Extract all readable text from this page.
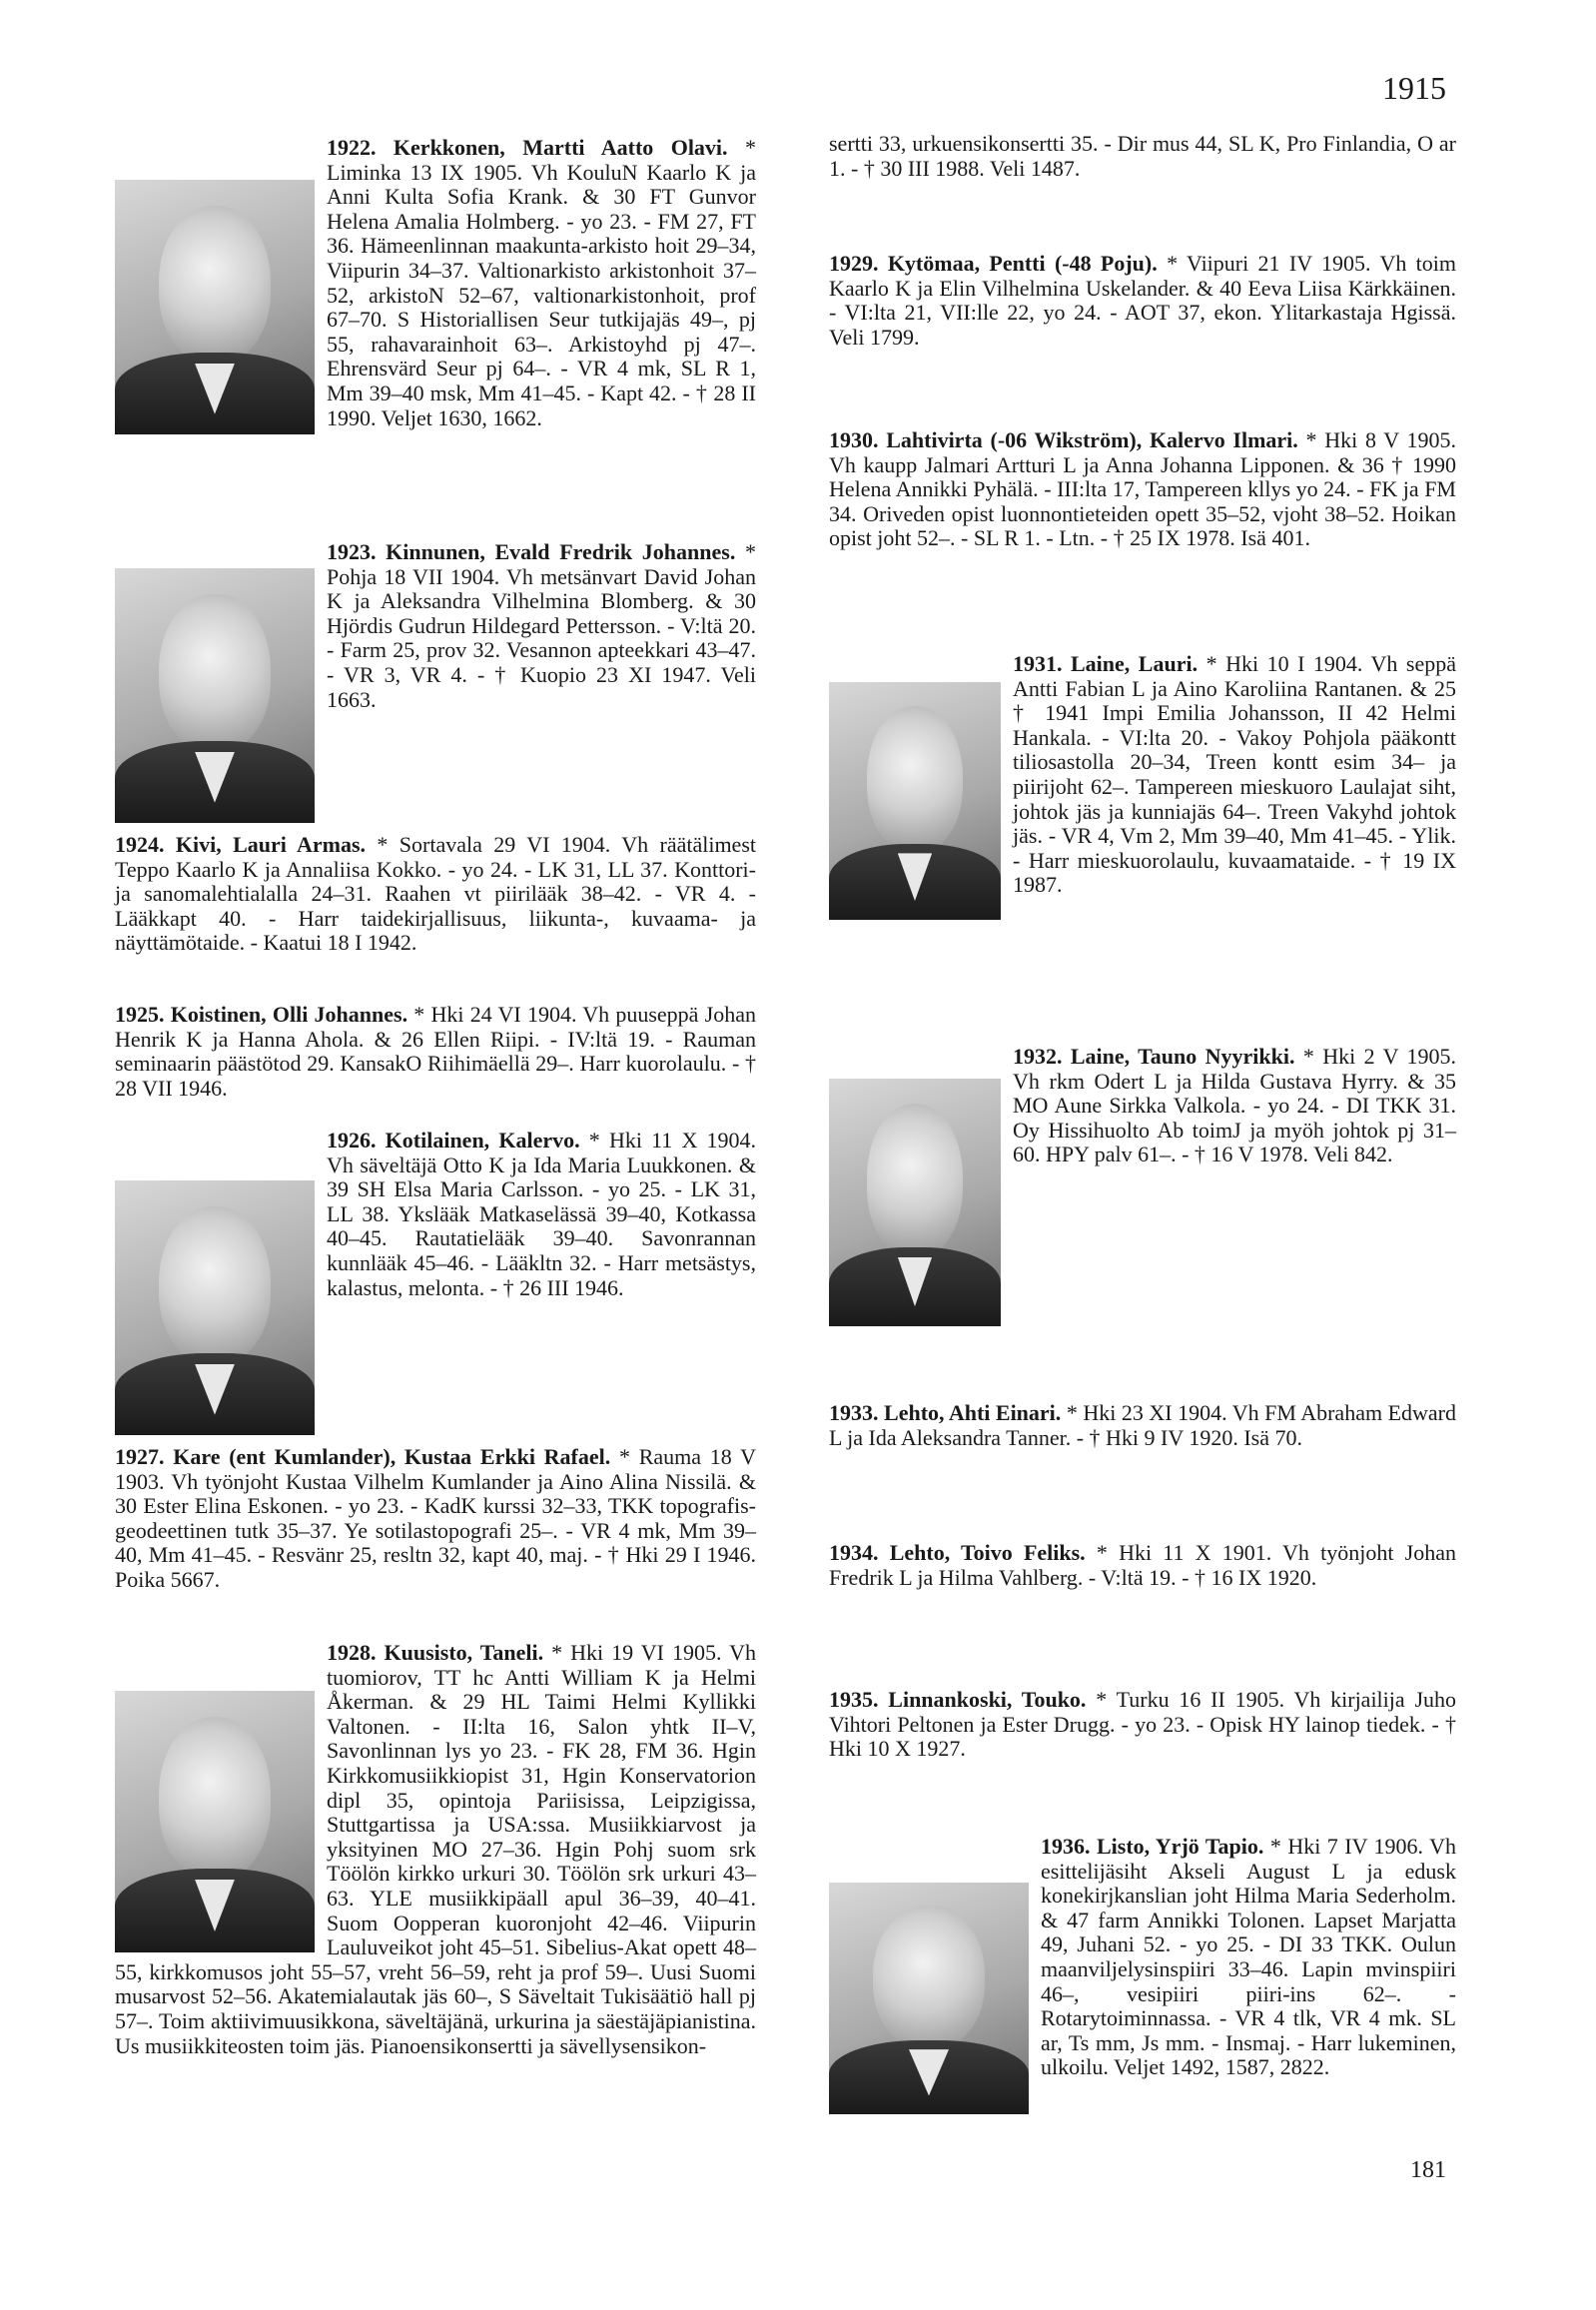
1915
1922. Kerkkonen, Martti Aatto Olavi. * Liminka 13 IX 1905. Vh KouluN Kaarlo K ja Anni Kulta Sofia Krank. & 30 FT Gunvor Helena Amalia Holmberg. - yo 23. - FM 27, FT 36. Hämeenlinnan maakunta-arkisto hoit 29–34, Viipurin 34–37. Valtionarkisto arkistonhoit 37–52, arkistoN 52–67, valtionarkistonhoit, prof 67–70. S Historiallisen Seur tutkijajäs 49–, pj 55, rahavarainhoit 63–. Arkistoyhd pj 47–. Ehrensvärd Seur pj 64–. - VR 4 mk, SL R 1, Mm 39–40 msk, Mm 41–45. - Kapt 42. - † 28 II 1990. Veljet 1630, 1662.
1923. Kinnunen, Evald Fredrik Johannes. * Pohja 18 VII 1904. Vh metsänvart David Johan K ja Aleksandra Vilhelmina Blomberg. & 30 Hjördis Gudrun Hildegard Pettersson. - V:ltä 20. - Farm 25, prov 32. Vesannon apteekkari 43–47. - VR 3, VR 4. - † Kuopio 23 XI 1947. Veli 1663.
1924. Kivi, Lauri Armas. * Sortavala 29 VI 1904. Vh räätälimest Teppo Kaarlo K ja Annaliisa Kokko. - yo 24. - LK 31, LL 37. Konttori- ja sanomalehtialalla 24–31. Raahen vt piirilääk 38–42. - VR 4. - Lääkkapt 40. - Harr taidekirjallisuus, liikunta-, kuvaama- ja näyttämötaide. - Kaatui 18 I 1942.
1925. Koistinen, Olli Johannes. * Hki 24 VI 1904. Vh puuseppä Johan Henrik K ja Hanna Ahola. & 26 Ellen Riipi. - IV:ltä 19. - Rauman seminaarin päästötod 29. KansakO Riihimäellä 29–. Harr kuorolaulu. - † 28 VII 1946.
1926. Kotilainen, Kalervo. * Hki 11 X 1904. Vh säveltäjä Otto K ja Ida Maria Luukkonen. & 39 SH Elsa Maria Carlsson. - yo 25. - LK 31, LL 38. Ykslääk Matkaselässä 39–40, Kotkassa 40–45. Rautatielääk 39–40. Savonrannan kunnlääk 45–46. - Lääkltn 32. - Harr metsästys, kalastus, melonta. - † 26 III 1946.
1927. Kare (ent Kumlander), Kustaa Erkki Rafael. * Rauma 18 V 1903. Vh työnjoht Kustaa Vilhelm Kumlander ja Aino Alina Nissilä. & 30 Ester Elina Eskonen. - yo 23. - KadK kurssi 32–33, TKK topografis-geodeettinen tutk 35–37. Ye sotilastopografi 25–. - VR 4 mk, Mm 39–40, Mm 41–45. - Resvänr 25, resltn 32, kapt 40, maj. - † Hki 29 I 1946. Poika 5667.
1928. Kuusisto, Taneli. * Hki 19 VI 1905. Vh tuomiorov, TT hc Antti William K ja Helmi Åkerman. & 29 HL Taimi Helmi Kyllikki Valtonen. - II:lta 16, Salon yhtk II–V, Savonlinnan lys yo 23. - FK 28, FM 36. Hgin Kirkkomusiikkiopist 31, Hgin Konservatorion dipl 35, opintoja Pariisissa, Leipzigissa, Stuttgartissa ja USA:ssa. Musiikkiarvost ja yksityinen MO 27–36. Hgin Pohj suom srk Töölön kirkko urkuri 30. Töölön srk urkuri 43–63. YLE musiikkipäall apul 36–39, 40–41. Suom Oopperan kuoronjoht 42–46. Viipurin Lauluveikot joht 45–51. Sibelius-Akat opett 48–55, kirkkomusos joht 55–57, vreht 56–59, reht ja prof 59–. Uusi Suomi musarvost 52–56. Akatemialautak jäs 60–, S Säveltait Tukisäätiö hall pj 57–. Toim aktiivimuusikkona, säveltäjänä, urkurina ja säestäjäpianistina. Us musiikkiteosten toim jäs. Pianoensikonsertti ja sävellysensikon-
sertti 33, urkuensikonsertti 35. - Dir mus 44, SL K, Pro Finlandia, O ar 1. - † 30 III 1988. Veli 1487.
1929. Kytömaa, Pentti (-48 Poju). * Viipuri 21 IV 1905. Vh toim Kaarlo K ja Elin Vilhelmina Uskelander. & 40 Eeva Liisa Kärkkäinen. - VI:lta 21, VII:lle 22, yo 24. - AOT 37, ekon. Ylitarkastaja Hgissä. Veli 1799.
1930. Lahtivirta (-06 Wikström), Kalervo Ilmari. * Hki 8 V 1905. Vh kaupp Jalmari Artturi L ja Anna Johanna Lipponen. & 36 † 1990 Helena Annikki Pyhälä. - III:lta 17, Tampereen kllys yo 24. - FK ja FM 34. Oriveden opist luonnontieteiden opett 35–52, vjoht 38–52. Hoikan opist joht 52–. - SL R 1. - Ltn. - † 25 IX 1978. Isä 401.
1931. Laine, Lauri. * Hki 10 I 1904. Vh seppä Antti Fabian L ja Aino Karoliina Rantanen. & 25 † 1941 Impi Emilia Johansson, II 42 Helmi Hankala. - VI:lta 20. - Vakoy Pohjola pääkontt tiliosastolla 20–34, Treen kontt esim 34– ja piirijoht 62–. Tampereen mieskuoro Laulajat siht, johtok jäs ja kunniajäs 64–. Treen Vakyhd johtok jäs. - VR 4, Vm 2, Mm 39–40, Mm 41–45. - Ylik. - Harr mieskuorolaulu, kuvaamataide. - † 19 IX 1987.
1932. Laine, Tauno Nyyrikki. * Hki 2 V 1905. Vh rkm Odert L ja Hilda Gustava Hyrry. & 35 MO Aune Sirkka Valkola. - yo 24. - DI TKK 31. Oy Hissihuolto Ab toimJ ja myöh johtok pj 31–60. HPY palv 61–. - † 16 V 1978. Veli 842.
1933. Lehto, Ahti Einari. * Hki 23 XI 1904. Vh FM Abraham Edward L ja Ida Aleksandra Tanner. - † Hki 9 IV 1920. Isä 70.
1934. Lehto, Toivo Feliks. * Hki 11 X 1901. Vh työnjoht Johan Fredrik L ja Hilma Vahlberg. - V:ltä 19. - † 16 IX 1920.
1935. Linnankoski, Touko. * Turku 16 II 1905. Vh kirjailija Juho Vihtori Peltonen ja Ester Drugg. - yo 23. - Opisk HY lainop tiedek. - † Hki 10 X 1927.
1936. Listo, Yrjö Tapio. * Hki 7 IV 1906. Vh esittelijäsiht Akseli August L ja edusk konekirjkanslian joht Hilma Maria Sederholm. & 47 farm Annikki Tolonen. Lapset Marjatta 49, Juhani 52. - yo 25. - DI 33 TKK. Oulun maanviljelysinspiiri 33–46. Lapin mvinspiiri 46–, vesipiiri piiri-ins 62–. - Rotarytoiminnassa. - VR 4 tlk, VR 4 mk. SL ar, Ts mm, Js mm. - Insmaj. - Harr lukeminen, ulkoilu. Veljet 1492, 1587, 2822.
181
